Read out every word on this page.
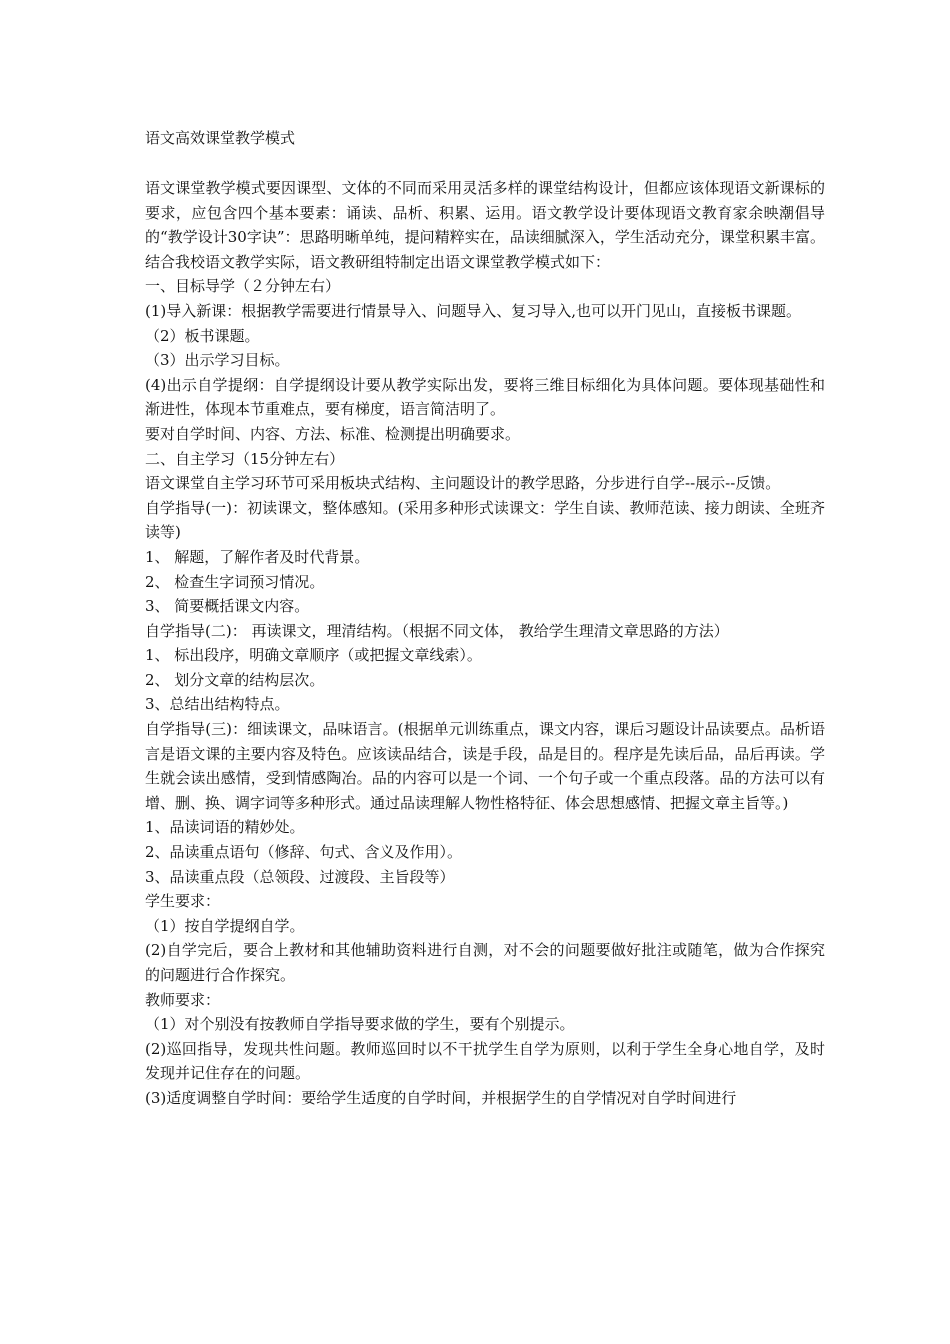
语文高效课堂教学模式

语文课堂教学模式要因课型、文体的不同而采用灵活多样的课堂结构设计，但都应该体现语文新课标的要求，应包含四个基本要素：诵读、品析、积累、运用。语文教学设计要体现语文教育家余映潮倡导的“教学设计30字诀”：思路明晰单纯，提问精粹实在，品读细腻深入，学生活动充分，课堂积累丰富。结合我校语文教学实际，语文教研组特制定出语文课堂教学模式如下：

一、目标导学（２分钟左右）

(1)导入新课：根据教学需要进行情景导入、问题导入、复习导入,也可以开门见山，直接板书课题。

（2）板书课题。

（3）出示学习目标。

(4)出示自学提纲：自学提纲设计要从教学实际出发，要将三维目标细化为具体问题。要体现基础性和渐进性，体现本节重难点，要有梯度，语言简洁明了。

要对自学时间、内容、方法、标准、检测提出明确要求。

二、自主学习（15分钟左右）

语文课堂自主学习环节可采用板块式结构、主问题设计的教学思路，分步进行自学--展示--反馈。

自学指导(一)：初读课文，整体感知。(采用多种形式读课文：学生自读、教师范读、接力朗读、全班齐读等)

1、 解题，了解作者及时代背景。

2、 检查生字词预习情况。

3、 简要概括课文内容。

自学指导(二)： 再读课文，理清结构。（根据不同文体， 教给学生理清文章思路的方法）

1、 标出段序，明确文章顺序（或把握文章线索）。

2、 划分文章的结构层次。

3、总结出结构特点。

自学指导(三)：细读课文，品味语言。(根据单元训练重点，课文内容，课后习题设计品读要点。品析语言是语文课的主要内容及特色。应该读品结合，读是手段，品是目的。程序是先读后品，品后再读。学生就会读出感情，受到情感陶冶。品的内容可以是一个词、一个句子或一个重点段落。品的方法可以有增、删、换、调字词等多种形式。通过品读理解人物性格特征、体会思想感情、把握文章主旨等。)

1、品读词语的精妙处。

2、品读重点语句（修辞、句式、含义及作用）。

3、品读重点段（总领段、过渡段、主旨段等）

学生要求：

（1）按自学提纲自学。

(2)自学完后，要合上教材和其他辅助资料进行自测，对不会的问题要做好批注或随笔，做为合作探究的问题进行合作探究。

教师要求：

（1）对个别没有按教师自学指导要求做的学生，要有个别提示。

(2)巡回指导，发现共性问题。教师巡回时以不干扰学生自学为原则，以利于学生全身心地自学，及时发现并记住存在的问题。

(3)适度调整自学时间：要给学生适度的自学时间，并根据学生的自学情况对自学时间进行
